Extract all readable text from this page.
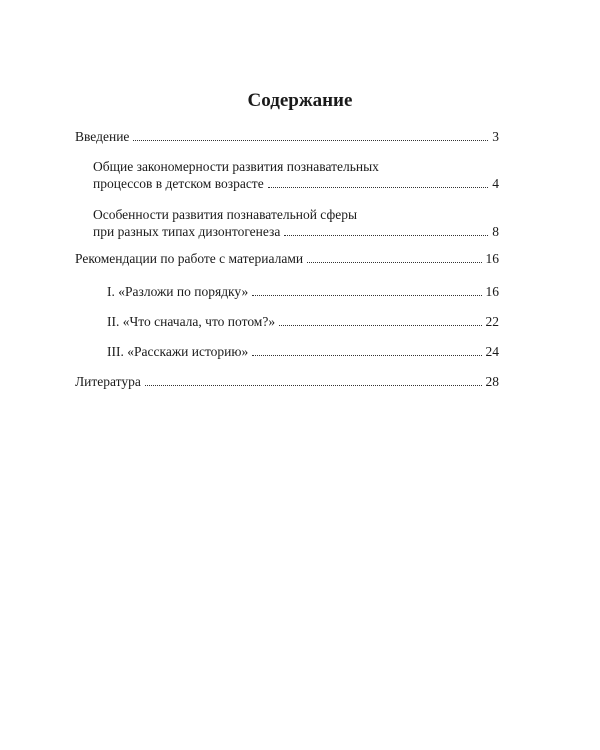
Содержание
Введение	3
Общие закономерности развития познавательных
процессов в детском возрасте	4
Особенности развития познавательной сферы
при разных типах дизонтогенеза	8
Рекомендации по работе с материалами	16
I. «Разложи по порядку»	16
II. «Что сначала, что потом?»	22
III. «Расскажи историю»	24
Литература	28
